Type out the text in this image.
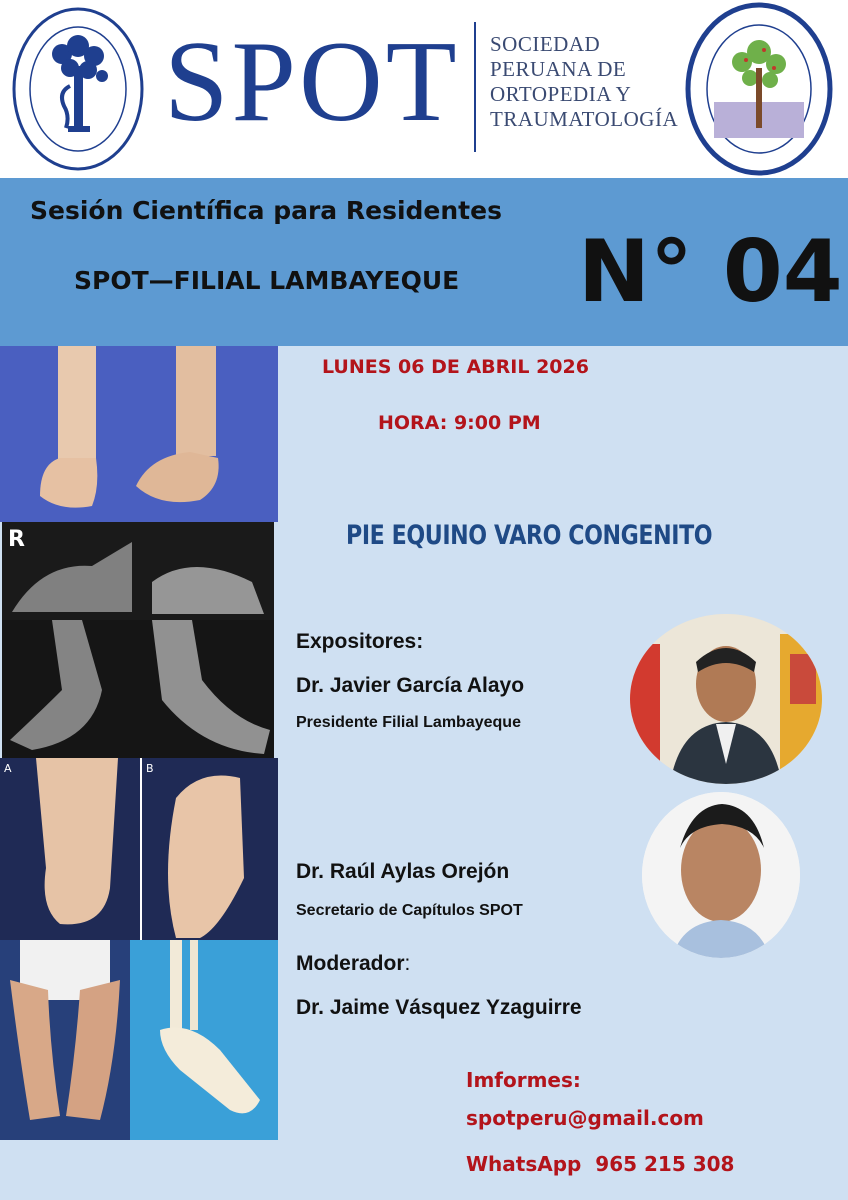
SPOT SOCIEDAD
PERUANA DE
ORTOPEDIA Y
TRAUMATOLOGÍA
Sesión Científica para Residentes
SPOT—FILIAL LAMBAYEQUE N° 04
R
A	B
LUNES 06 DE ABRIL 2026
HORA: 9:00 PM
PIE EQUINO VARO CONGENITO
Expositores:
Dr. Javier García Alayo
Presidente Filial Lambayeque
Dr. Raúl Aylas Orejón
Secretario de Capítulos SPOT
Moderador:
Dr. Jaime Vásquez Yzaguirre
Imformes:
spotperu@gmail.com
WhatsApp  965 215 308
